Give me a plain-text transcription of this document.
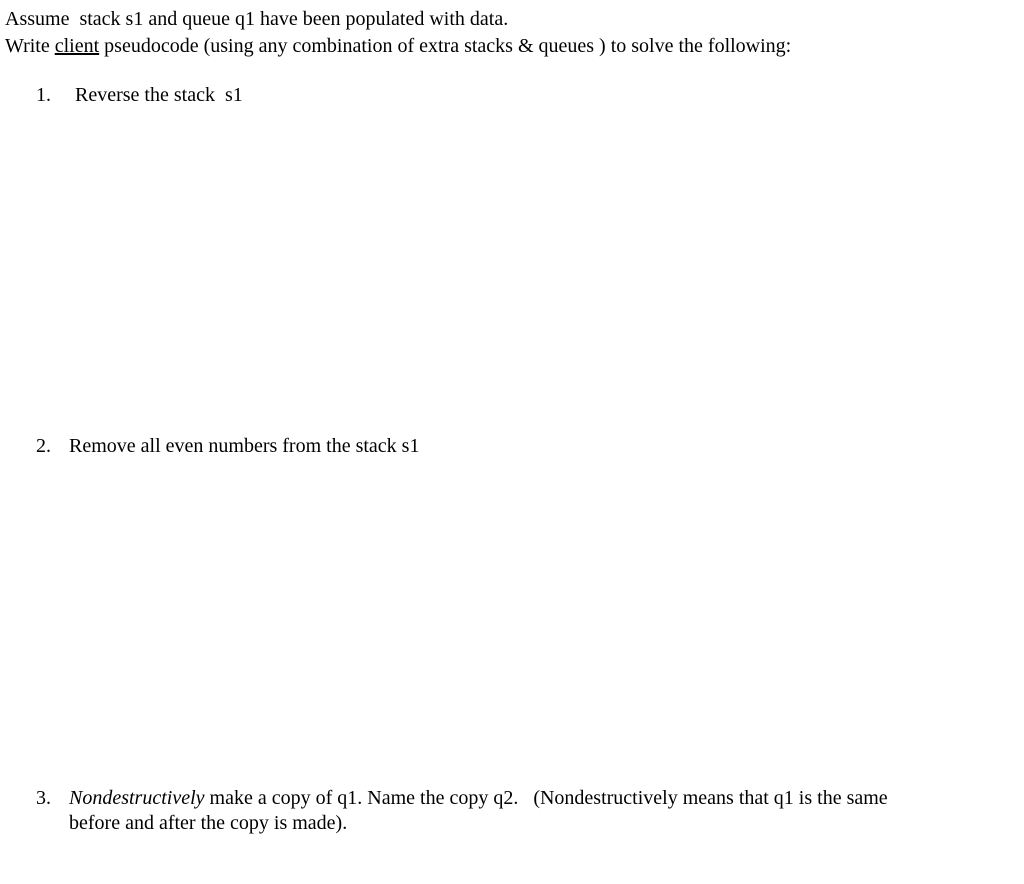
Assume  stack s1 and queue q1 have been populated with data.
Write client pseudocode (using any combination of extra stacks & queues ) to solve the following:
1. Reverse the stack  s1
2. Remove all even numbers from the stack s1
3. Nondestructively make a copy of q1. Name the copy q2.   (Nondestructively means that q1 is the same
before and after the copy is made).
